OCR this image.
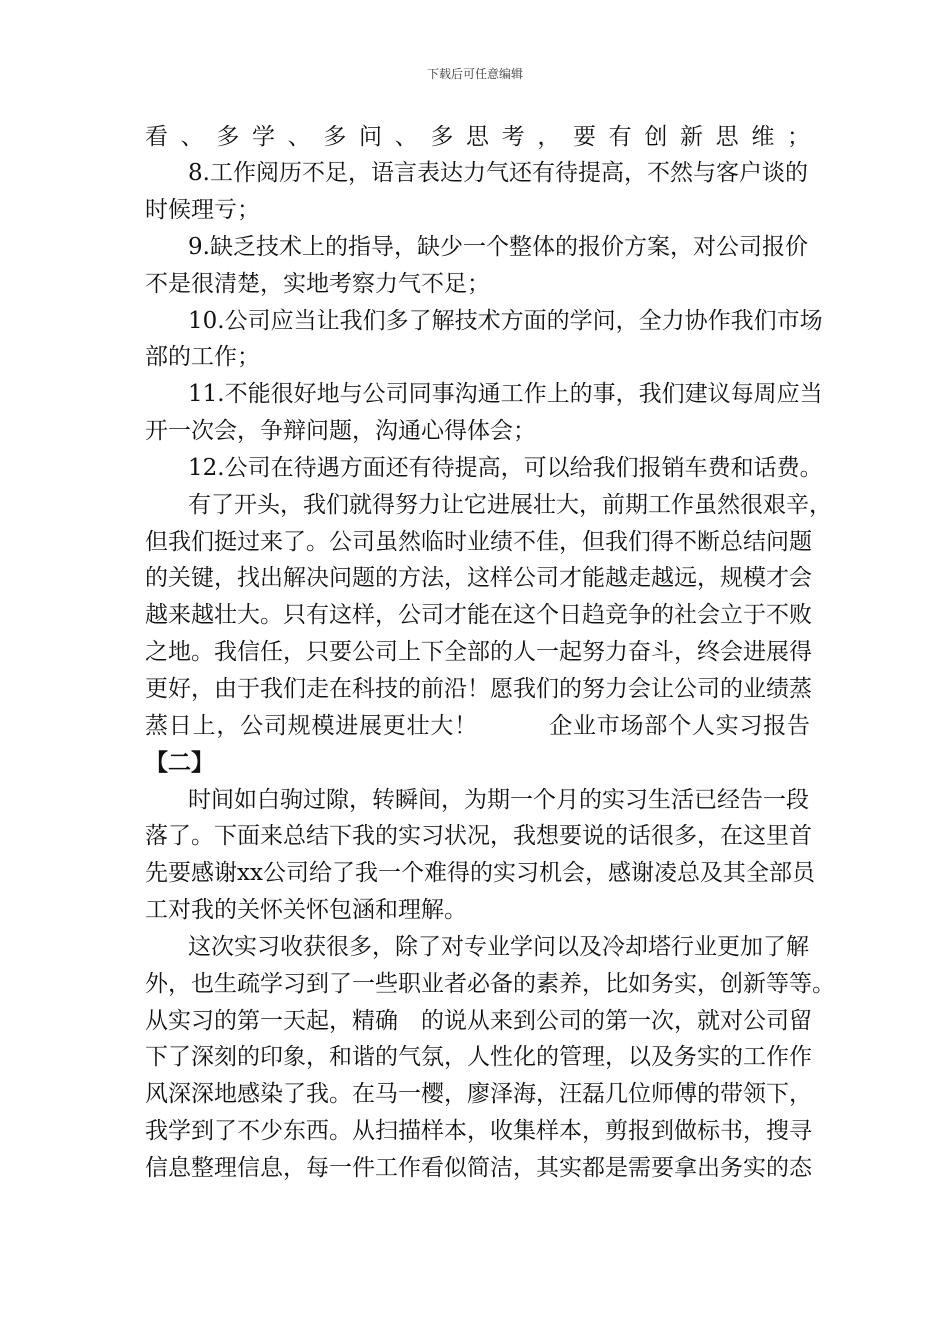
下载后可任意编辑
看、多学、多问、多思考，要有创新思维；
8.工作阅历不足，语言表达力气还有待提高，不然与客户谈的
时候理亏；
9.缺乏技术上的指导，缺少一个整体的报价方案，对公司报价
不是很清楚，实地考察力气不足；
10.公司应当让我们多了解技术方面的学问，全力协作我们市场
部的工作；
11.不能很好地与公司同事沟通工作上的事，我们建议每周应当
开一次会，争辩问题，沟通心得体会；
12.公司在待遇方面还有待提高，可以给我们报销车费和话费。
有了开头，我们就得努力让它进展壮大，前期工作虽然很艰辛，
但我们挺过来了。公司虽然临时业绩不佳，但我们得不断总结问题
的关键，找出解决问题的方法，这样公司才能越走越远，规模才会
越来越壮大。只有这样，公司才能在这个日趋竞争的社会立于不败
之地。我信任，只要公司上下全部的人一起努力奋斗，终会进展得
更好，由于我们走在科技的前沿！愿我们的努力会让公司的业绩蒸
蒸日上，公司规模进展更壮大！　　　企业市场部个人实习报告
【二】
时间如白驹过隙，转瞬间，为期一个月的实习生活已经告一段
落了。下面来总结下我的实习状况，我想要说的话很多，在这里首
先要感谢xx公司给了我一个难得的实习机会，感谢凌总及其全部员
工对我的关怀关怀包涵和理解。
这次实习收获很多，除了对专业学问以及冷却塔行业更加了解
外，也生疏学习到了一些职业者必备的素养，比如务实，创新等等。
从实习的第一天起，精确　的说从来到公司的第一次，就对公司留
下了深刻的印象，和谐的气氛，人性化的管理，以及务实的工作作
风深深地感染了我。在马一樱，廖泽海，汪磊几位师傅的带领下，
我学到了不少东西。从扫描样本，收集样本，剪报到做标书，搜寻
信息整理信息，每一件工作看似简洁，其实都是需要拿出务实的态
